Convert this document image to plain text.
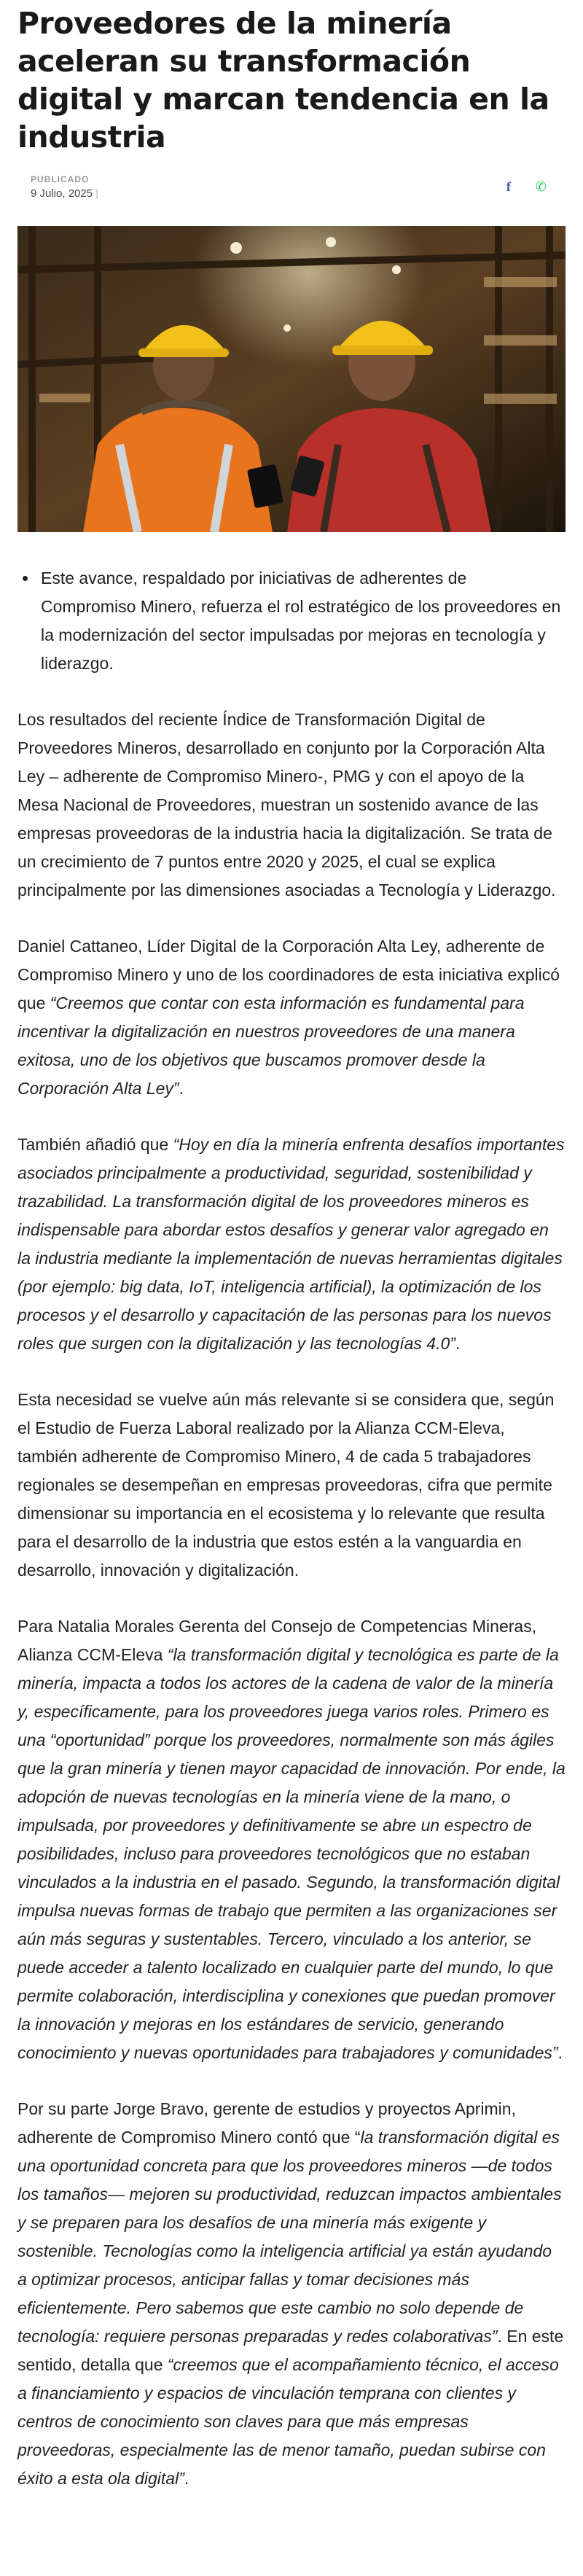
Proveedores de la minería aceleran su transformación digital y marcan tendencia en la industria
PUBLICADO
9 Julio, 2025 |	f ✆
• Este avance, respaldado por iniciativas de adherentes de Compromiso Minero, refuerza el rol estratégico de los proveedores en la modernización del sector impulsadas por mejoras en tecnología y liderazgo.

Los resultados del reciente Índice de Transformación Digital de Proveedores Mineros, desarrollado en conjunto por la Corporación Alta Ley – adherente de Compromiso Minero-, PMG y con el apoyo de la Mesa Nacional de Proveedores, muestran un sostenido avance de las empresas proveedoras de la industria hacia la digitalización. Se trata de un crecimiento de 7 puntos entre 2020 y 2025, el cual se explica principalmente por las dimensiones asociadas a Tecnología y Liderazgo.

Daniel Cattaneo, Líder Digital de la Corporación Alta Ley, adherente de Compromiso Minero y uno de los coordinadores de esta iniciativa explicó que “Creemos que contar con esta información es fundamental para incentivar la digitalización en nuestros proveedores de una manera exitosa, uno de los objetivos que buscamos promover desde la Corporación Alta Ley”.

También añadió que “Hoy en día la minería enfrenta desafíos importantes asociados principalmente a productividad, seguridad, sostenibilidad y trazabilidad. La transformación digital de los proveedores mineros es indispensable para abordar estos desafíos y generar valor agregado en la industria mediante la implementación de nuevas herramientas digitales (por ejemplo: big data, IoT, inteligencia artificial), la optimización de los procesos y el desarrollo y capacitación de las personas para los nuevos roles que surgen con la digitalización y las tecnologías 4.0”.

Esta necesidad se vuelve aún más relevante si se considera que, según el Estudio de Fuerza Laboral realizado por la Alianza CCM-Eleva, también adherente de Compromiso Minero, 4 de cada 5 trabajadores regionales se desempeñan en empresas proveedoras, cifra que permite dimensionar su importancia en el ecosistema y lo relevante que resulta para el desarrollo de la industria que estos estén a la vanguardia en desarrollo, innovación y digitalización.

Para Natalia Morales Gerenta del Consejo de Competencias Mineras, Alianza CCM-Eleva “la transformación digital y tecnológica es parte de la minería, impacta a todos los actores de la cadena de valor de la minería y, específicamente, para los proveedores juega varios roles. Primero es una “oportunidad” porque los proveedores, normalmente son más ágiles que la gran minería y tienen mayor capacidad de innovación. Por ende, la adopción de nuevas tecnologías en la minería viene de la mano, o impulsada, por proveedores y definitivamente se abre un espectro de posibilidades, incluso para proveedores tecnológicos que no estaban vinculados a la industria en el pasado. Segundo, la transformación digital impulsa nuevas formas de trabajo que permiten a las organizaciones ser aún más seguras y sustentables. Tercero, vinculado a los anterior, se puede acceder a talento localizado en cualquier parte del mundo, lo que permite colaboración, interdisciplina y conexiones que puedan promover la innovación y mejoras en los estándares de servicio, generando conocimiento y nuevas oportunidades para trabajadores y comunidades”.

Por su parte Jorge Bravo, gerente de estudios y proyectos Aprimin, adherente de Compromiso Minero contó que “la transformación digital es una oportunidad concreta para que los proveedores mineros —de todos los tamaños— mejoren su productividad, reduzcan impactos ambientales y se preparen para los desafíos de una minería más exigente y sostenible. Tecnologías como la inteligencia artificial ya están ayudando a optimizar procesos, anticipar fallas y tomar decisiones más eficientemente. Pero sabemos que este cambio no solo depende de tecnología: requiere personas preparadas y redes colaborativas”. En este sentido, detalla que “creemos que el acompañamiento técnico, el acceso a financiamiento y espacios de vinculación temprana con clientes y centros de conocimiento son claves para que más empresas proveedoras, especialmente las de menor tamaño, puedan subirse con éxito a esta ola digital”.
